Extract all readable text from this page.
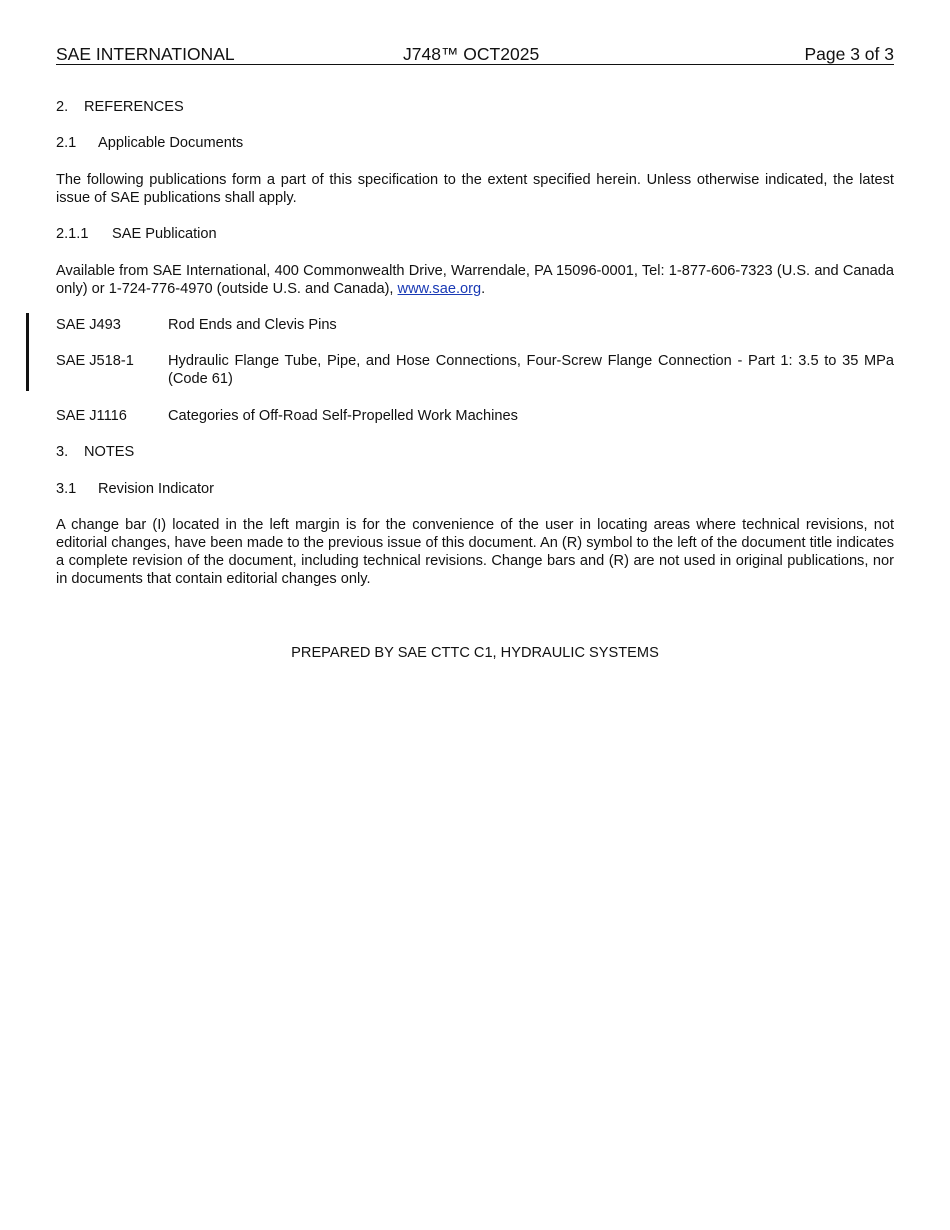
SAE INTERNATIONAL	J748™ OCT2025	Page 3 of 3
2. REFERENCES
2.1 Applicable Documents
The following publications form a part of this specification to the extent specified herein. Unless otherwise indicated, the latest issue of SAE publications shall apply.
2.1.1 SAE Publication
Available from SAE International, 400 Commonwealth Drive, Warrendale, PA 15096-0001, Tel: 1-877-606-7323 (U.S. and Canada only) or 1-724-776-4970 (outside U.S. and Canada), www.sae.org.
SAE J493	Rod Ends and Clevis Pins
SAE J518-1 Hydraulic Flange Tube, Pipe, and Hose Connections, Four-Screw Flange Connection - Part 1: 3.5 to 35 MPa (Code 61)
SAE J1116	Categories of Off-Road Self-Propelled Work Machines
3. NOTES
3.1 Revision Indicator
A change bar (I) located in the left margin is for the convenience of the user in locating areas where technical revisions, not editorial changes, have been made to the previous issue of this document. An (R) symbol to the left of the document title indicates a complete revision of the document, including technical revisions. Change bars and (R) are not used in original publications, nor in documents that contain editorial changes only.
PREPARED BY SAE CTTC C1, HYDRAULIC SYSTEMS
